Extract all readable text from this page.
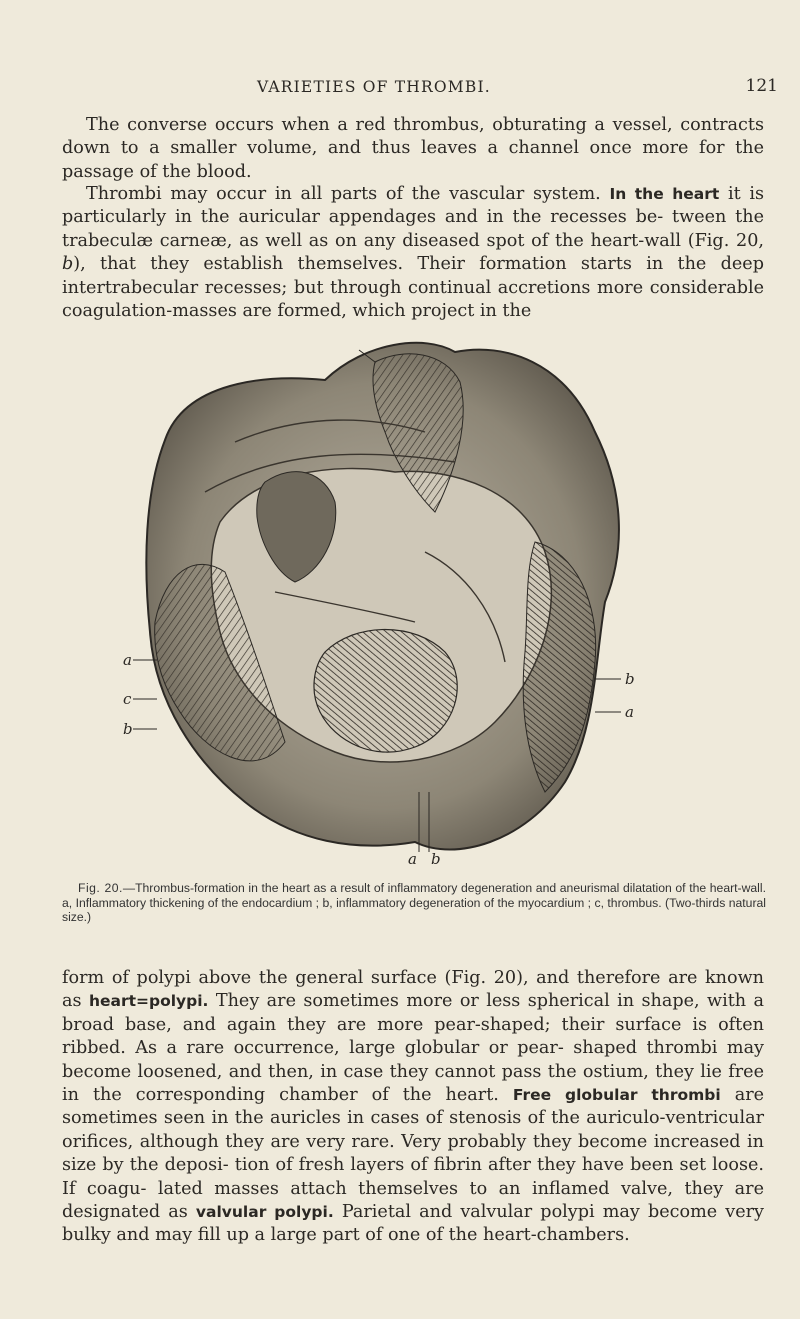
VARIETIES OF THROMBI.	121

The converse occurs when a red thrombus, obturating a vessel, contracts down to a smaller volume, and thus leaves a channel once more for the passage of the blood.

Thrombi may occur in all parts of the vascular system. In the heart it is particularly in the auricular appendages and in the recesses be- tween the trabeculæ carneæ, as well as on any diseased spot of the heart-wall (Fig. 20, b), that they establish themselves. Their formation starts in the deep intertrabecular recesses; but through continual accretions more considerable coagulation-masses are formed, which project in the

a
c
b
b
a
a b

Fig. 20.—Thrombus-formation in the heart as a result of inflammatory degeneration and aneurismal dilatation of the heart-wall. a, Inflammatory thickening of the endocardium ; b, inflammatory degeneration of the myocardium ; c, thrombus. (Two-thirds natural size.)

form of polypi above the general surface (Fig. 20), and therefore are known as heart=polypi. They are sometimes more or less spherical in shape, with a broad base, and again they are more pear-shaped; their surface is often ribbed. As a rare occurrence, large globular or pear- shaped thrombi may become loosened, and then, in case they cannot pass the ostium, they lie free in the corresponding chamber of the heart. Free globular thrombi are sometimes seen in the auricles in cases of stenosis of the auriculo-ventricular orifices, although they are very rare. Very probably they become increased in size by the deposi- tion of fresh layers of fibrin after they have been set loose. If coagu- lated masses attach themselves to an inflamed valve, they are designated as valvular polypi. Parietal and valvular polypi may become very bulky and may fill up a large part of one of the heart-chambers.
